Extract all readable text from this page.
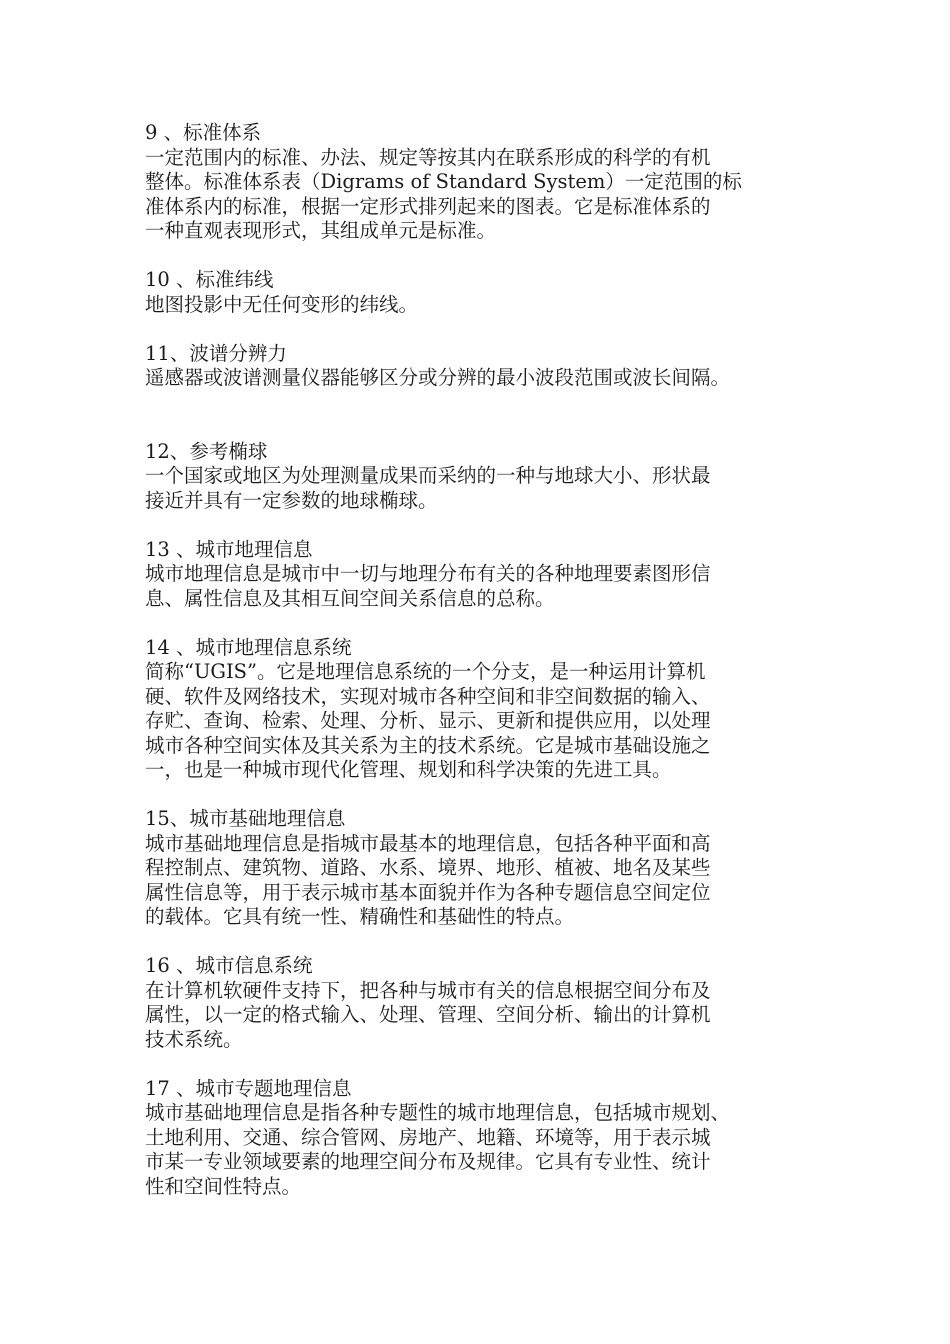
9 、标准体系
一定范围内的标准、办法、规定等按其内在联系形成的科学的有机
整体。标准体系表（Digrams of Standard System）一定范围的标
准体系内的标准，根据一定形式排列起来的图表。它是标准体系的
一种直观表现形式，其组成单元是标准。
10 、标准纬线
地图投影中无任何变形的纬线。
11、波谱分辨力
遥感器或波谱测量仪器能够区分或分辨的最小波段范围或波长间隔。
12、参考椭球
一个国家或地区为处理测量成果而采纳的一种与地球大小、形状最
接近并具有一定参数的地球椭球。
13 、城市地理信息
城市地理信息是城市中一切与地理分布有关的各种地理要素图形信
息、属性信息及其相互间空间关系信息的总称。
14 、城市地理信息系统
简称“UGIS”。它是地理信息系统的一个分支，是一种运用计算机
硬、软件及网络技术，实现对城市各种空间和非空间数据的输入、
存贮、查询、检索、处理、分析、显示、更新和提供应用，以处理
城市各种空间实体及其关系为主的技术系统。它是城市基础设施之
一，也是一种城市现代化管理、规划和科学决策的先进工具。
15、城市基础地理信息
城市基础地理信息是指城市最基本的地理信息，包括各种平面和高
程控制点、建筑物、道路、水系、境界、地形、植被、地名及某些
属性信息等，用于表示城市基本面貌并作为各种专题信息空间定位
的载体。它具有统一性、精确性和基础性的特点。
16 、城市信息系统
在计算机软硬件支持下，把各种与城市有关的信息根据空间分布及
属性，以一定的格式输入、处理、管理、空间分析、输出的计算机
技术系统。
17 、城市专题地理信息
城市基础地理信息是指各种专题性的城市地理信息，包括城市规划、
土地利用、交通、综合管网、房地产、地籍、环境等，用于表示城
市某一专业领域要素的地理空间分布及规律。它具有专业性、统计
性和空间性特点。
